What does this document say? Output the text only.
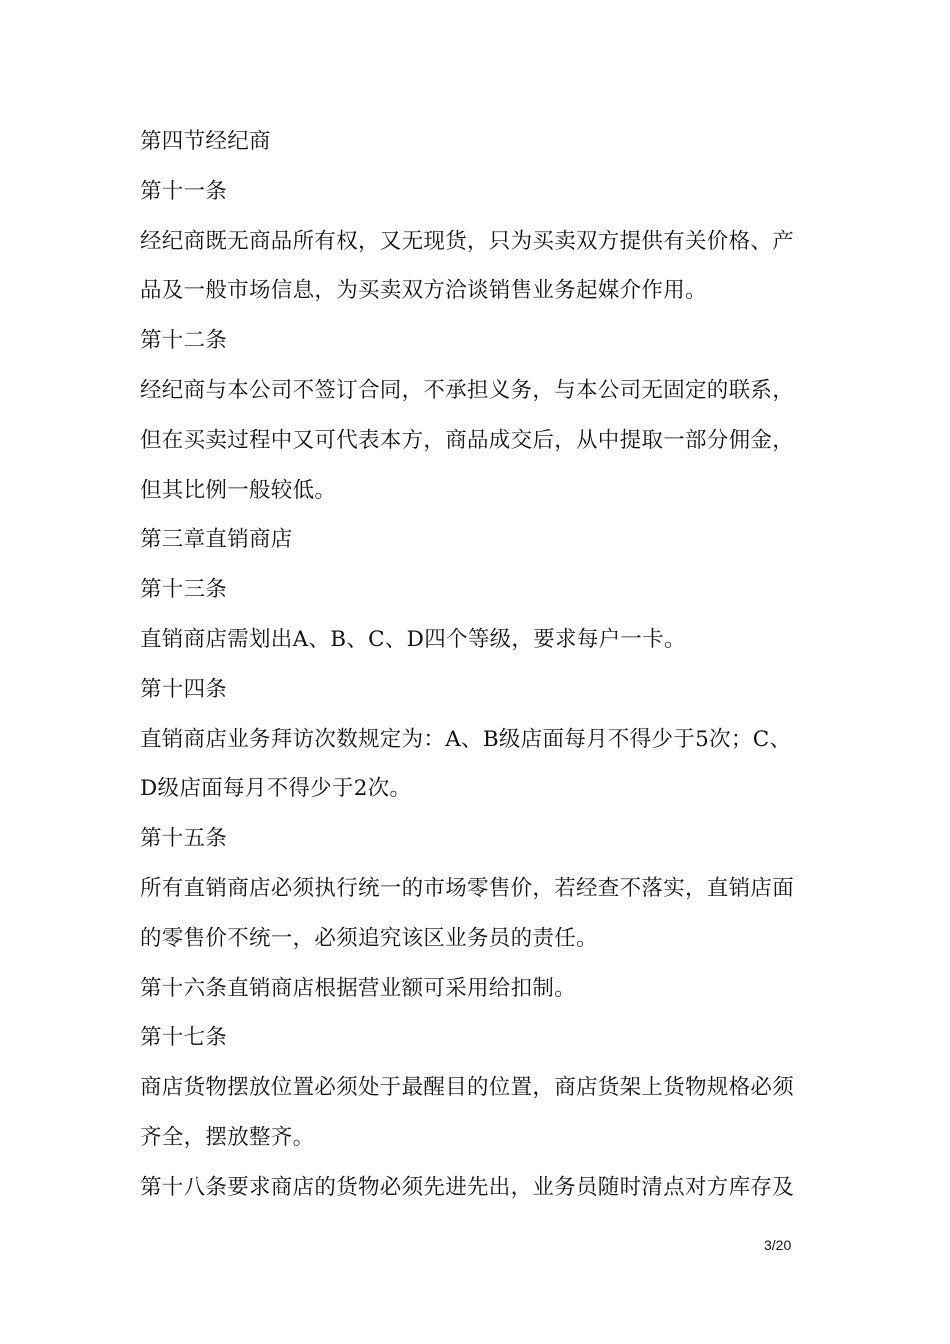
第四节经纪商
第十一条
经纪商既无商品所有权，又无现货，只为买卖双方提供有关价格、产
品及一般市场信息，为买卖双方洽谈销售业务起媒介作用。
第十二条
经纪商与本公司不签订合同，不承担义务，与本公司无固定的联系，
但在买卖过程中又可代表本方，商品成交后，从中提取一部分佣金，
但其比例一般较低。
第三章直销商店
第十三条
直销商店需划出A、B、C、D四个等级，要求每户一卡。
第十四条
直销商店业务拜访次数规定为：A、B级店面每月不得少于5次；C、
D级店面每月不得少于2次。
第十五条
所有直销商店必须执行统一的市场零售价，若经查不落实，直销店面
的零售价不统一，必须追究该区业务员的责任。
第十六条直销商店根据营业额可采用给扣制。
第十七条
商店货物摆放位置必须处于最醒目的位置，商店货架上货物规格必须
齐全，摆放整齐。
第十八条要求商店的货物必须先进先出，业务员随时清点对方库存及
3/20
